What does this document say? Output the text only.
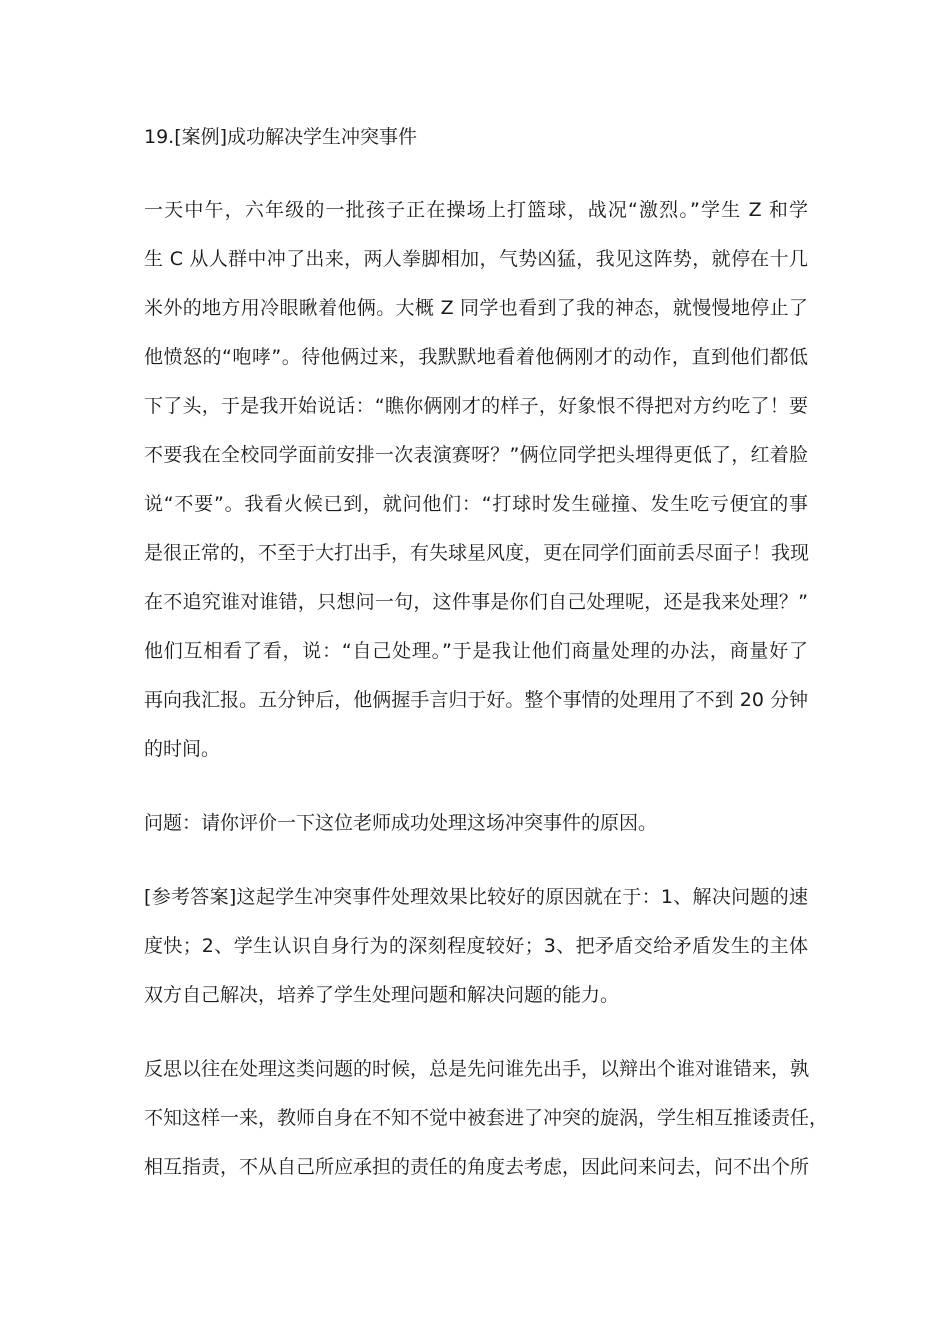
19.[案例]成功解决学生冲突事件
一天中午，六年级的一批孩子正在操场上打篮球，战况“激烈。”学生 Z 和学
生 C 从人群中冲了出来，两人拳脚相加，气势凶猛，我见这阵势，就停在十几
米外的地方用冷眼瞅着他俩。大概 Z 同学也看到了我的神态，就慢慢地停止了
他愤怒的“咆哮”。待他俩过来，我默默地看着他俩刚才的动作，直到他们都低
下了头，于是我开始说话：“瞧你俩刚才的样子，好象恨不得把对方约吃了！要
不要我在全校同学面前安排一次表演赛呀？”俩位同学把头埋得更低了，红着脸
说“不要”。我看火候已到，就问他们：“打球时发生碰撞、发生吃亏便宜的事
是很正常的，不至于大打出手，有失球星风度，更在同学们面前丢尽面子！我现
在不追究谁对谁错，只想问一句，这件事是你们自己处理呢，还是我来处理？”
他们互相看了看，说：“自己处理。”于是我让他们商量处理的办法，商量好了
再向我汇报。五分钟后，他俩握手言归于好。整个事情的处理用了不到 20 分钟
的时间。
问题：请你评价一下这位老师成功处理这场冲突事件的原因。
[参考答案]这起学生冲突事件处理效果比较好的原因就在于：1、解决问题的速
度快；2、学生认识自身行为的深刻程度较好；3、把矛盾交给矛盾发生的主体
双方自己解决，培养了学生处理问题和解决问题的能力。
反思以往在处理这类问题的时候，总是先问谁先出手，以辩出个谁对谁错来，孰
不知这样一来，教师自身在不知不觉中被套进了冲突的旋涡，学生相互推诿责任，
相互指责，不从自己所应承担的责任的角度去考虑，因此问来问去，问不出个所
